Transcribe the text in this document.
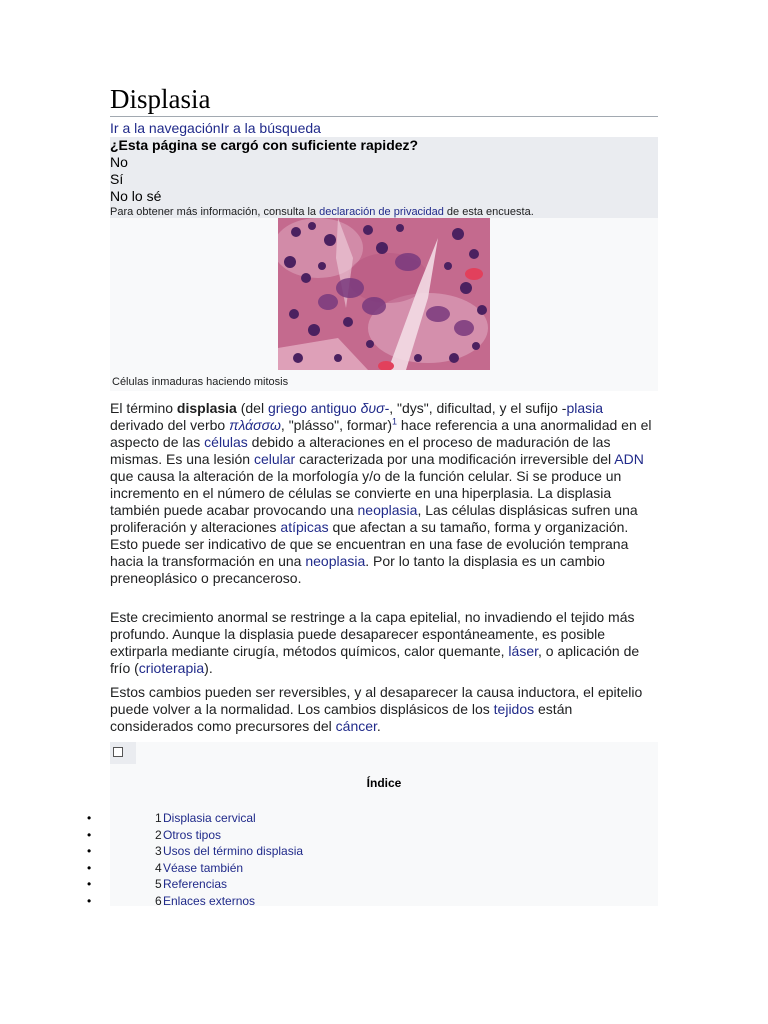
Displasia
Ir a la navegaciónIr a la búsqueda
¿Esta página se cargó con suficiente rapidez?
No
Sí
No lo sé
Para obtener más información, consulta la declaración de privacidad de esta encuesta.
Células inmaduras haciendo mitosis
El término displasia (del griego antiguo δυσ-, "dys", dificultad, y el sufijo -plasia derivado del verbo πλάσσω, "plásso", formar)$^1$ hace referencia a una anormalidad en el aspecto de las células debido a alteraciones en el proceso de maduración de las mismas. Es una lesión celular caracterizada por una modificación irreversible del ADN que causa la alteración de la morfología y/o de la función celular. Si se produce un incremento en el número de células se convierte en una hiperplasia. La displasia también puede acabar provocando una neoplasia, Las células displásicas sufren una proliferación y alteraciones atípicas que afectan a su tamaño, forma y organización. Esto puede ser indicativo de que se encuentran en una fase de evolución temprana hacia la transformación en una neoplasia. Por lo tanto la displasia es un cambio preneoplásico o precanceroso.
Este crecimiento anormal se restringe a la capa epitelial, no invadiendo el tejido más profundo. Aunque la displasia puede desaparecer espontáneamente, es posible extirparla mediante cirugía, métodos químicos, calor quemante, láser, o aplicación de frío (crioterapia).
Estos cambios pueden ser reversibles, y al desaparecer la causa inductora, el epitelio puede volver a la normalidad. Los cambios displásicos de los tejidos están considerados como precursores del cáncer.
Índice
•	1 Displasia cervical
•	2 Otros tipos
•	3 Usos del término displasia
•	4 Véase también
•	5 Referencias
•	6 Enlaces externos
